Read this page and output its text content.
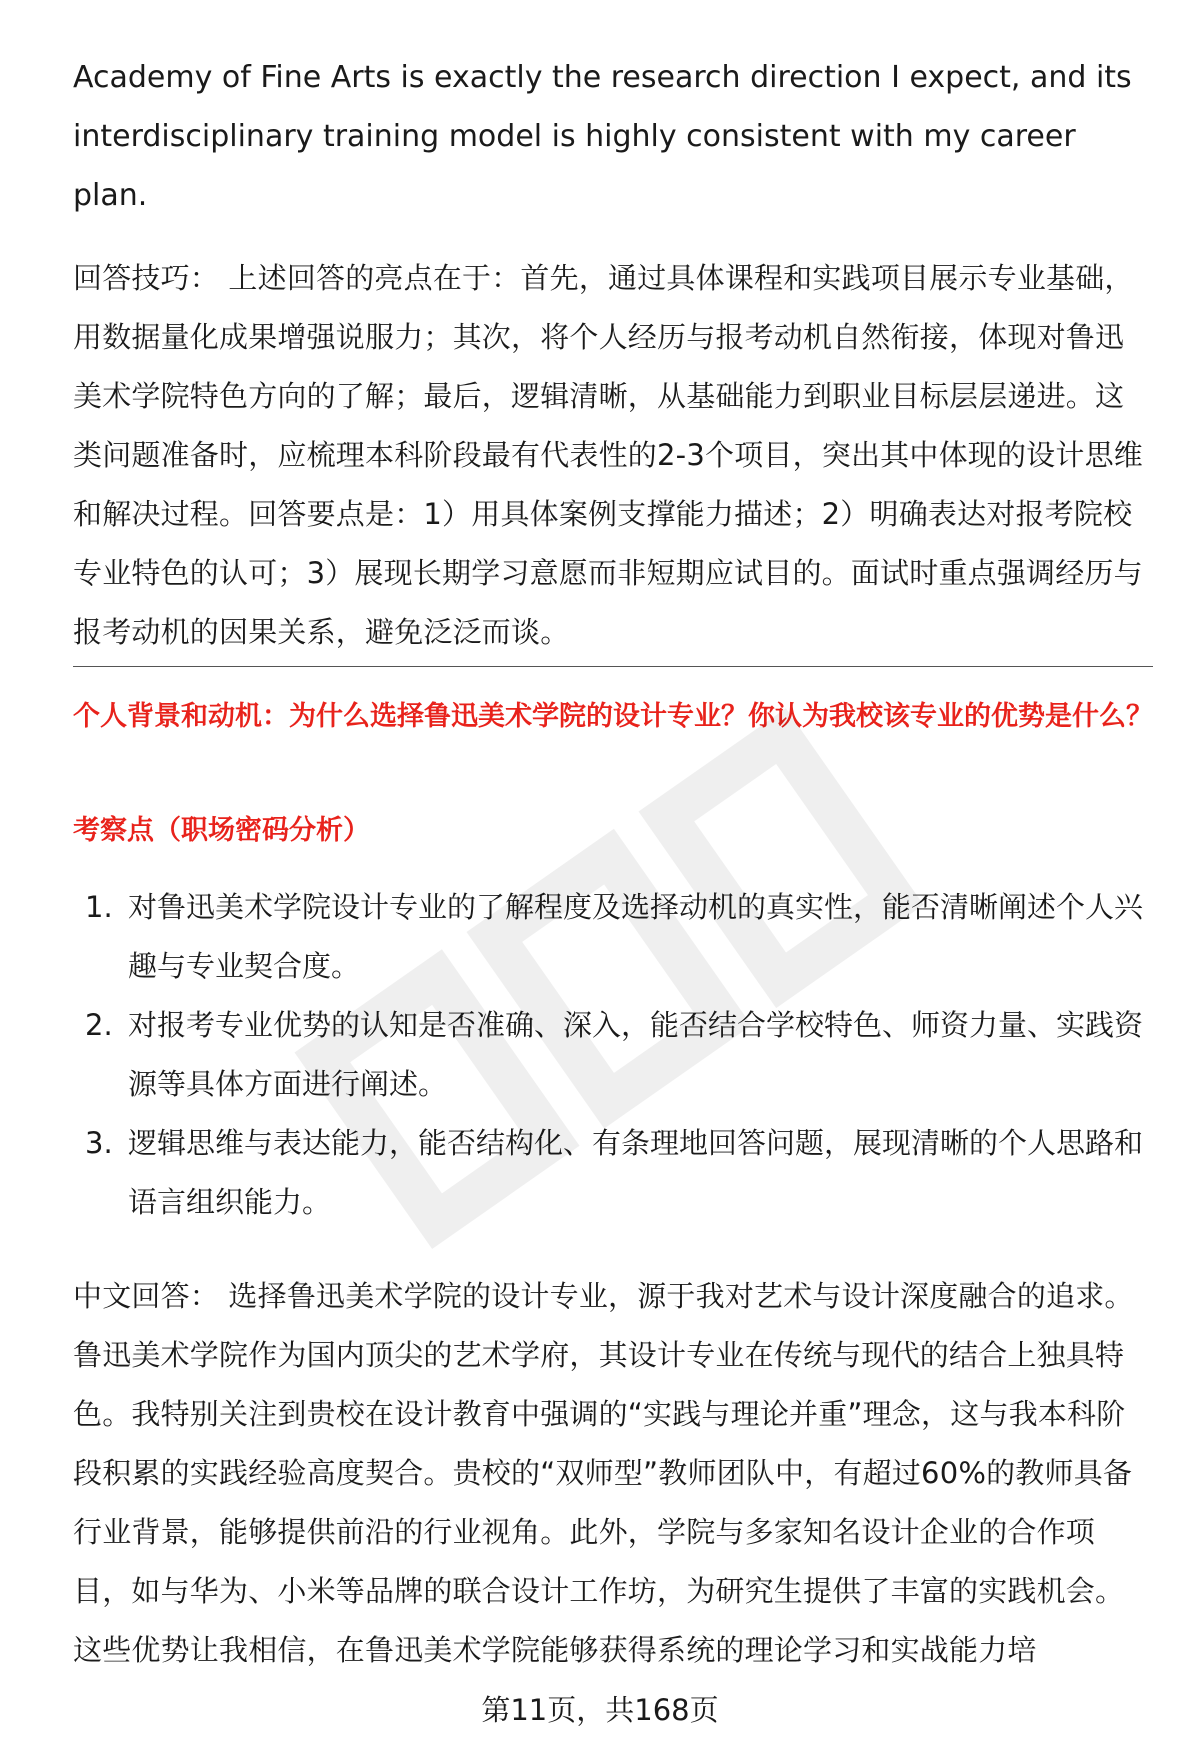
Academy of Fine Arts is exactly the research direction I expect, and its interdisciplinary training model is highly consistent with my career plan.

回答技巧： 上述回答的亮点在于：首先，通过具体课程和实践项目展示专业基础，用数据量化成果增强说服力；其次，将个人经历与报考动机自然衔接，体现对鲁迅美术学院特色方向的了解；最后，逻辑清晰，从基础能力到职业目标层层递进。这类问题准备时，应梳理本科阶段最有代表性的2-3个项目，突出其中体现的设计思维和解决过程。回答要点是：1）用具体案例支撑能力描述；2）明确表达对报考院校专业特色的认可；3）展现长期学习意愿而非短期应试目的。面试时重点强调经历与报考动机的因果关系，避免泛泛而谈。

个人背景和动机：为什么选择鲁迅美术学院的设计专业？你认为我校该专业的优势是什么？

考察点（职场密码分析）

1. 对鲁迅美术学院设计专业的了解程度及选择动机的真实性，能否清晰阐述个人兴趣与专业契合度。
2. 对报考专业优势的认知是否准确、深入，能否结合学校特色、师资力量、实践资源等具体方面进行阐述。
3. 逻辑思维与表达能力，能否结构化、有条理地回答问题，展现清晰的个人思路和语言组织能力。

中文回答： 选择鲁迅美术学院的设计专业，源于我对艺术与设计深度融合的追求。鲁迅美术学院作为国内顶尖的艺术学府，其设计专业在传统与现代的结合上独具特色。我特别关注到贵校在设计教育中强调的“实践与理论并重”理念，这与我本科阶段积累的实践经验高度契合。贵校的“双师型”教师团队中，有超过60%的教师具备行业背景，能够提供前沿的行业视角。此外，学院与多家知名设计企业的合作项目，如与华为、小米等品牌的联合设计工作坊，为研究生提供了丰富的实践机会。这些优势让我相信，在鲁迅美术学院能够获得系统的理论学习和实战能力培

第11页，共168页
